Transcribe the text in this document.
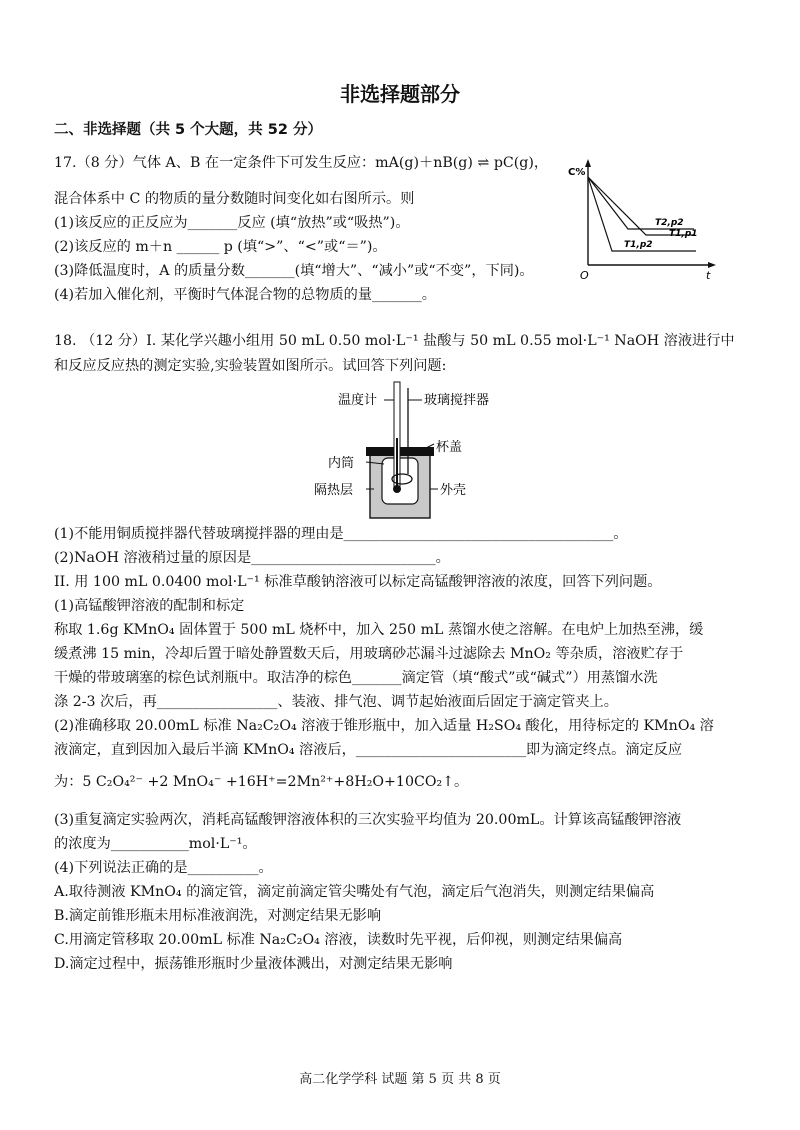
非选择题部分
二、非选择题（共 5 个大题，共 52 分）
17.（8 分）气体 A、B 在一定条件下可发生反应：mA(g)＋nB(g) ⇌ pC(g)，
混合体系中 C 的物质的量分数随时间变化如右图所示。则
(1)该反应的正反应为_______反应 (填“放热”或“吸热”)。
(2)该反应的 m＋n ______ p (填“>”、“<”或“＝”)。
(3)降低温度时，A 的质量分数_______(填“增大”、“减小”或“不变”，下同)。
(4)若加入催化剂，平衡时气体混合物的总物质的量_______。
C%
O	t
T2,p2
T1,p1
T1,p2
18. （12 分）I. 某化学兴趣小组用 50 mL 0.50 mol·L⁻¹ 盐酸与 50 mL 0.55 mol·L⁻¹ NaOH 溶液进行中
和反应反应热的测定实验,实验装置如图所示。试回答下列问题:
温度计	玻璃搅拌器
杯盖
内筒
隔热层	外壳
(1)不能用铜质搅拌器代替玻璃搅拌器的理由是______________________________________。
(2)NaOH 溶液稍过量的原因是__________________________。
II. 用 100 mL 0.0400 mol·L⁻¹ 标准草酸钠溶液可以标定高锰酸钾溶液的浓度，回答下列问题。
(1)高锰酸钾溶液的配制和标定
称取 1.6g KMnO₄ 固体置于 500 mL 烧杯中，加入 250 mL 蒸馏水使之溶解。在电炉上加热至沸，缓
缓煮沸 15 min，冷却后置于暗处静置数天后，用玻璃砂芯漏斗过滤除去 MnO₂ 等杂质，溶液贮存于
干燥的带玻璃塞的棕色试剂瓶中。取洁净的棕色_______滴定管（填“酸式”或“碱式”）用蒸馏水洗
涤 2-3 次后，再_________________、装液、排气泡、调节起始液面后固定于滴定管夹上。
(2)准确移取 20.00mL 标准 Na₂C₂O₄ 溶液于锥形瓶中，加入适量 H₂SO₄ 酸化，用待标定的 KMnO₄ 溶
液滴定，直到因加入最后半滴 KMnO₄ 溶液后，________________________即为滴定终点。滴定反应
为：5 C₂O₄²⁻ +2 MnO₄⁻ +16H⁺=2Mn²⁺+8H₂O+10CO₂↑。
(3)重复滴定实验两次，消耗高锰酸钾溶液体积的三次实验平均值为 20.00mL。计算该高锰酸钾溶液
的浓度为___________mol·L⁻¹。
(4)下列说法正确的是__________。
A.取待测液 KMnO₄ 的滴定管，滴定前滴定管尖嘴处有气泡，滴定后气泡消失，则测定结果偏高
B.滴定前锥形瓶未用标准液润洗，对测定结果无影响
C.用滴定管移取 20.00mL 标准 Na₂C₂O₄ 溶液，读数时先平视，后仰视，则测定结果偏高
D.滴定过程中，振荡锥形瓶时少量液体溅出，对测定结果无影响
高二化学学科 试题 第 5 页 共 8 页
